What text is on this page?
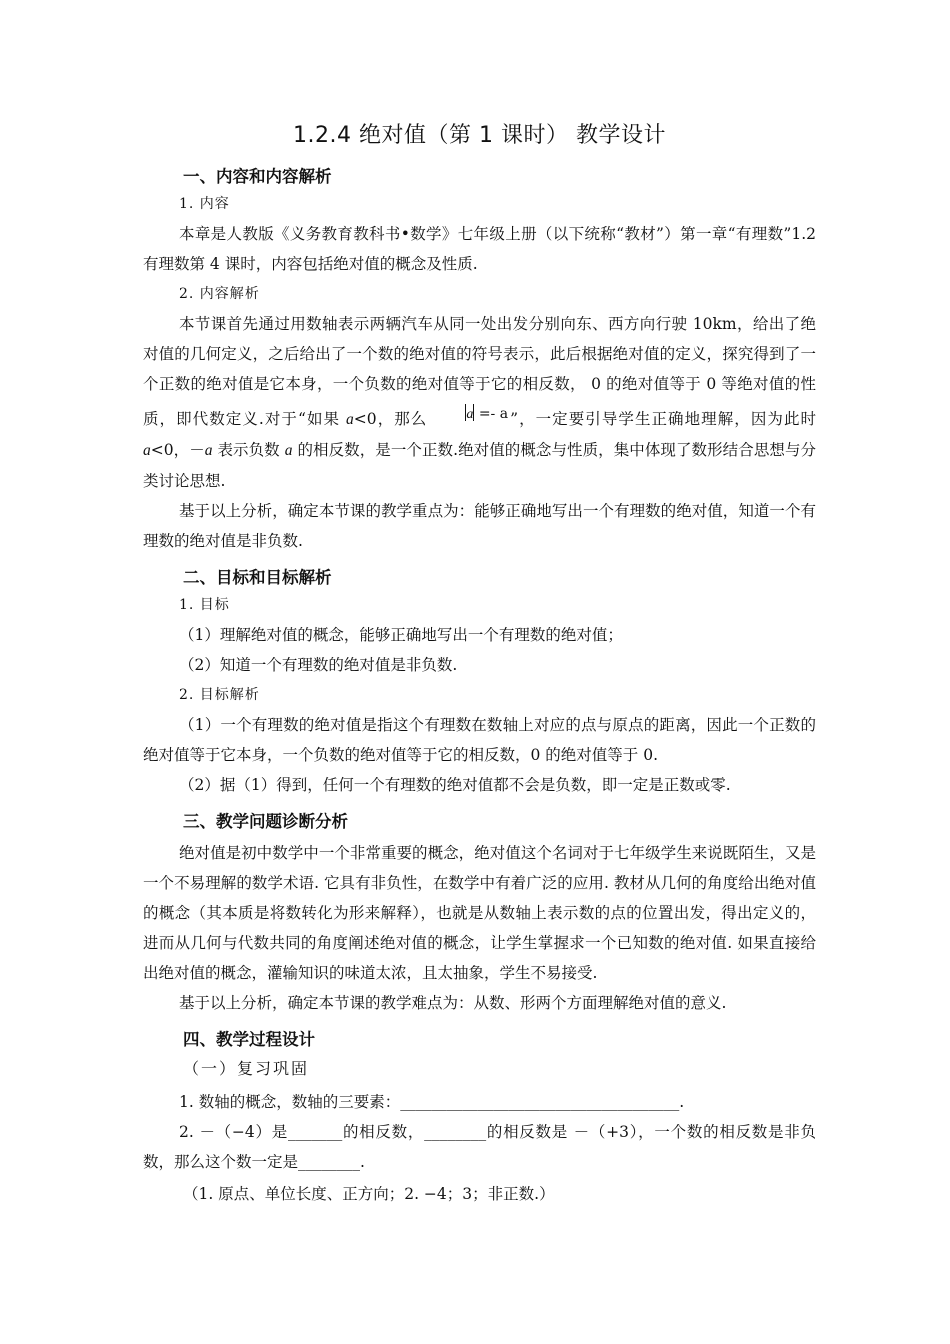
1.2.4 绝对值（第 1 课时） 教学设计
一、内容和内容解析
1. 内容

本章是人教版《义务教育教科书•数学》七年级上册（以下统称“教材”）第一章“有理数”1.2 有理数第 4 课时，内容包括绝对值的概念及性质.

2. 内容解析

本节课首先通过用数轴表示两辆汽车从同一处出发分别向东、西方向行驶 10km，给出了绝对值的几何定义，之后给出了一个数的绝对值的符号表示，此后根据绝对值的定义，探究得到了一个正数的绝对值是它本身，一个负数的绝对值等于它的相反数， 0 的绝对值等于 0 等绝对值的性质，即代数定义.对于“如果 a<0，那么	a =- a ”，一定要引导学生正确地理解，因为此时 a<0，－a 表示负数 a 的相反数，是一个正数.绝对值的概念与性质，集中体现了数形结合思想与分类讨论思想.

基于以上分析，确定本节课的教学重点为：能够正确地写出一个有理数的绝对值，知道一个有理数的绝对值是非负数.

二、目标和目标解析
1. 目标

（1）理解绝对值的概念，能够正确地写出一个有理数的绝对值；

（2）知道一个有理数的绝对值是非负数.

2. 目标解析

（1）一个有理数的绝对值是指这个有理数在数轴上对应的点与原点的距离，因此一个正数的绝对值等于它本身，一个负数的绝对值等于它的相反数，0 的绝对值等于 0.

（2）据（1）得到，任何一个有理数的绝对值都不会是负数，即一定是正数或零.

三、教学问题诊断分析

绝对值是初中数学中一个非常重要的概念，绝对值这个名词对于七年级学生来说既陌生，又是一个不易理解的数学术语. 它具有非负性，在数学中有着广泛的应用. 教材从几何的角度给出绝对值的概念（其本质是将数转化为形来解释），也就是从数轴上表示数的点的位置出发，得出定义的，进而从几何与代数共同的角度阐述绝对值的概念，让学生掌握求一个已知数的绝对值. 如果直接给出绝对值的概念，灌输知识的味道太浓，且太抽象，学生不易接受.

基于以上分析，确定本节课的教学难点为：从数、形两个方面理解绝对值的意义.

四、教学过程设计
（一）复习巩固

1. 数轴的概念，数轴的三要素：____________________________________.

2. －（−4）是_______的相反数，________的相反数是 －（+3），一个数的相反数是非负数，那么这个数一定是________.

（1. 原点、单位长度、正方向；2. −4；3；非正数.）
